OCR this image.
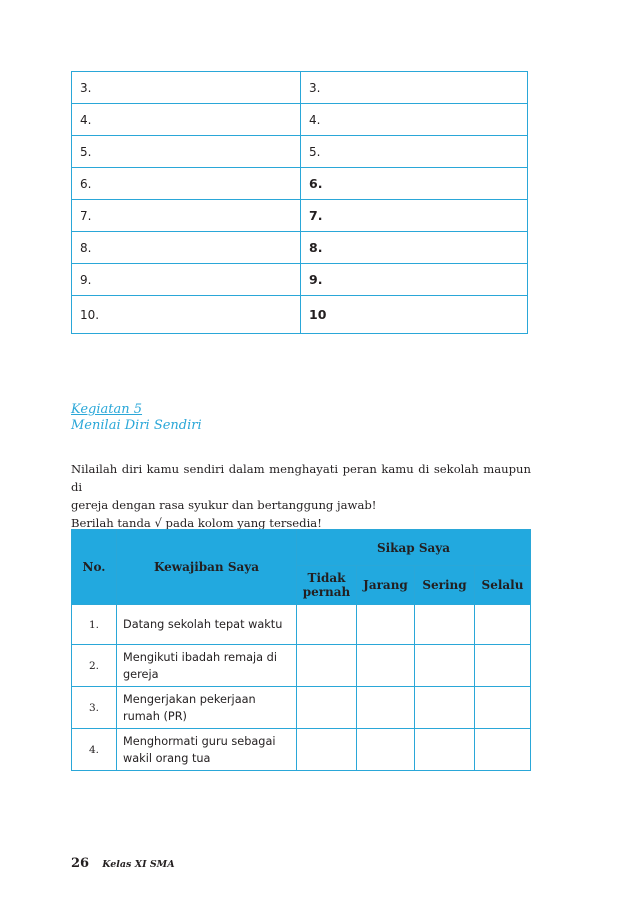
3.	3.
4.	4.
5.	5.
6.	6.
7.	7.
8.	8.
9.	9.
10.	10
Kegiatan 5
Menilai Diri Sendiri

Nilailah diri kamu sendiri dalam menghayati peran kamu di sekolah maupun di

gereja dengan rasa syukur dan bertanggung jawab!

Berilah tanda √ pada kolom yang tersedia!

No.	Kewajiban Saya	Sikap Saya			
		Tidak pernah	Jarang	Sering	Selalu
1.	Datang sekolah tepat waktu				
2.	Mengikuti ibadah remaja di gereja				
3.	Mengerjakan pekerjaan rumah (PR)				
4.	Menghormati guru sebagai wakil orang tua				
26 Kelas XI SMA
